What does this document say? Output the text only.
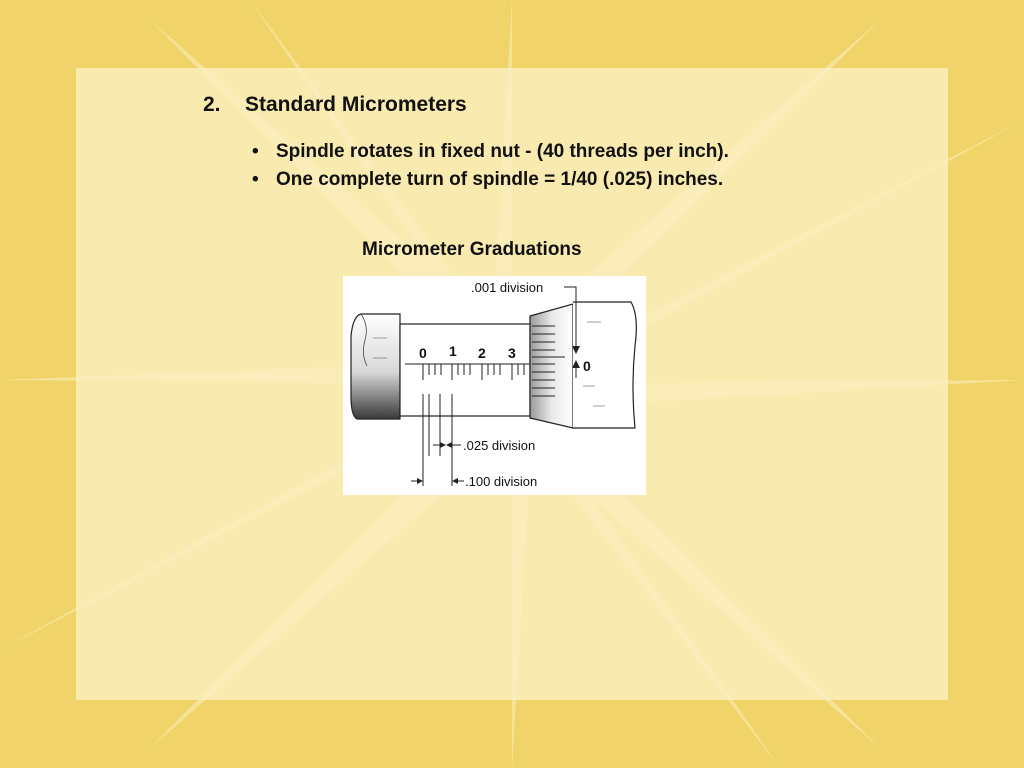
2. Standard Micrometers
• Spindle rotates in fixed nut - (40 threads per inch).
• One complete turn of spindle = 1/40 (.025) inches.
Micrometer Graduations
0 1 2 3
.001 division
0
.025 division
.100 division
